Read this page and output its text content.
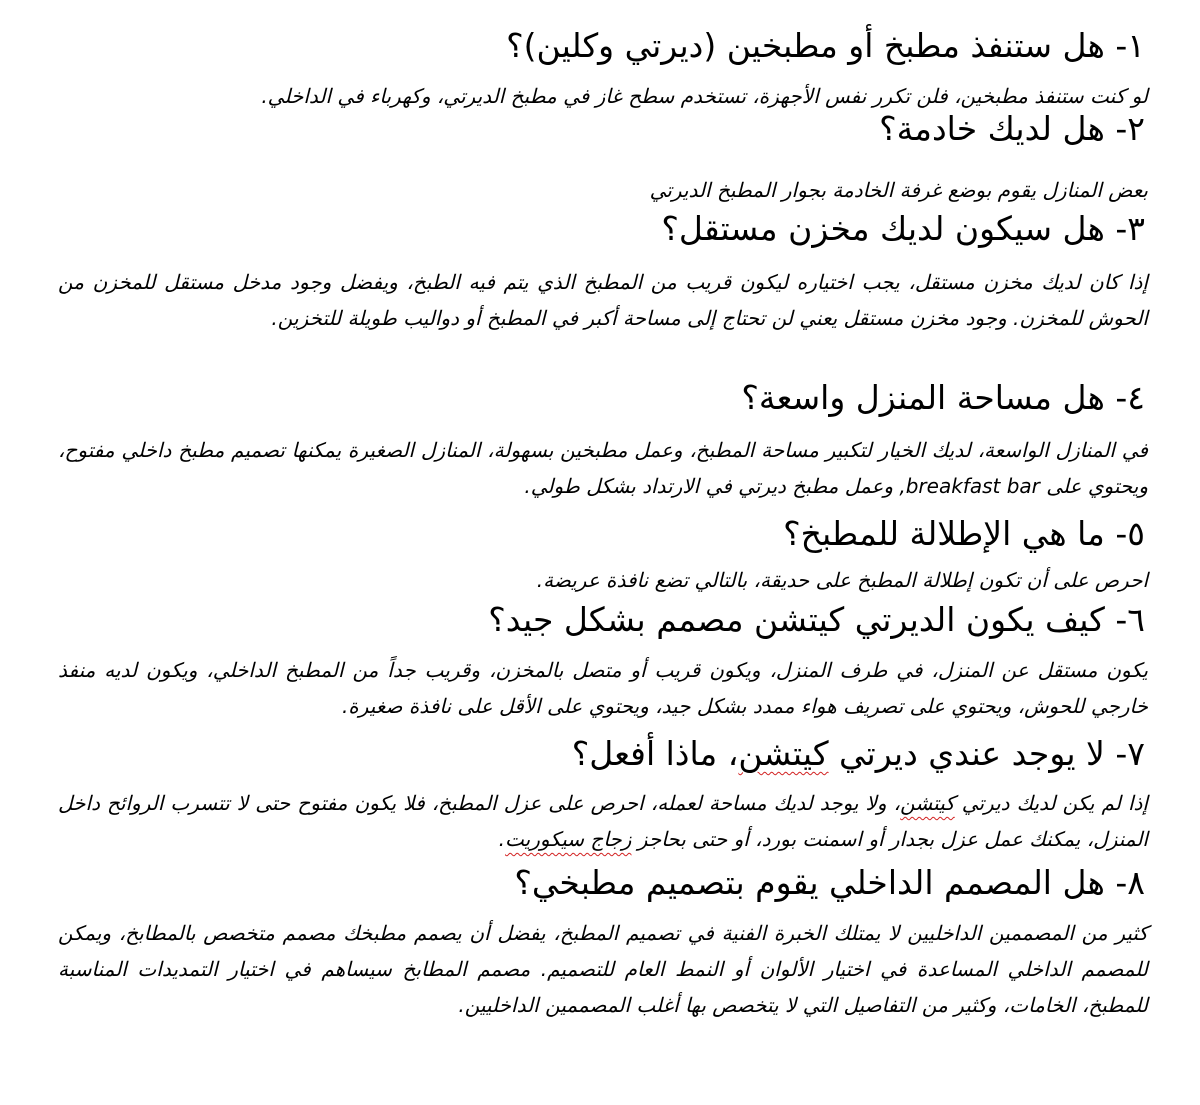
١- هل ستنفذ مطبخ أو مطبخين (ديرتي وكلين)؟

لو كنت ستنفذ مطبخين، فلن تكرر نفس الأجهزة، تستخدم سطح غاز في مطبخ الديرتي، وكهرباء في الداخلي.

٢- هل لديك خادمة؟

بعض المنازل يقوم بوضع غرفة الخادمة بجوار المطبخ الديرتي

٣- هل سيكون لديك مخزن مستقل؟

إذا كان لديك مخزن مستقل، يجب اختياره ليكون قريب من المطبخ الذي يتم فيه الطبخ، ويفضل وجود مدخل مستقل للمخزن من الحوش للمخزن. وجود مخزن مستقل يعني لن تحتاج إلى مساحة أكبر في المطبخ أو دواليب طويلة للتخزين.

٤- هل مساحة المنزل واسعة؟

في المنازل الواسعة، لديك الخيار لتكبير مساحة المطبخ، وعمل مطبخين بسهولة، المنازل الصغيرة يمكنها تصميم مطبخ داخلي مفتوح، ويحتوي على breakfast bar, وعمل مطبخ ديرتي في الارتداد بشكل طولي.

٥- ما هي الإطلالة للمطبخ؟

احرص على أن تكون إطلالة المطبخ على حديقة، بالتالي تضع نافذة عريضة.

٦- كيف يكون الديرتي كيتشن مصمم بشكل جيد؟

يكون مستقل عن المنزل، في طرف المنزل، ويكون قريب أو متصل بالمخزن، وقريب جداً من المطبخ الداخلي، ويكون لديه منفذ خارجي للحوش، ويحتوي على تصريف هواء ممدد بشكل جيد، ويحتوي على الأقل على نافذة صغيرة.

٧- لا يوجد عندي ديرتي كيتشن، ماذا أفعل؟

إذا لم يكن لديك ديرتي كيتشن، ولا يوجد لديك مساحة لعمله، احرص على عزل المطبخ، فلا يكون مفتوح حتى لا تتسرب الروائح داخل المنزل، يمكنك عمل عزل بجدار أو اسمنت بورد، أو حتى بحاجز زجاج سيكوريت.

٨- هل المصمم الداخلي يقوم بتصميم مطبخي؟

كثير من المصممين الداخليين لا يمتلك الخبرة الفنية في تصميم المطبخ، يفضل أن يصمم مطبخك مصمم متخصص بالمطابخ، ويمكن للمصمم الداخلي المساعدة في اختيار الألوان أو النمط العام للتصميم. مصمم المطابخ سيساهم في اختيار التمديدات المناسبة للمطبخ، الخامات، وكثير من التفاصيل التي لا يتخصص بها أغلب المصممين الداخليين.
